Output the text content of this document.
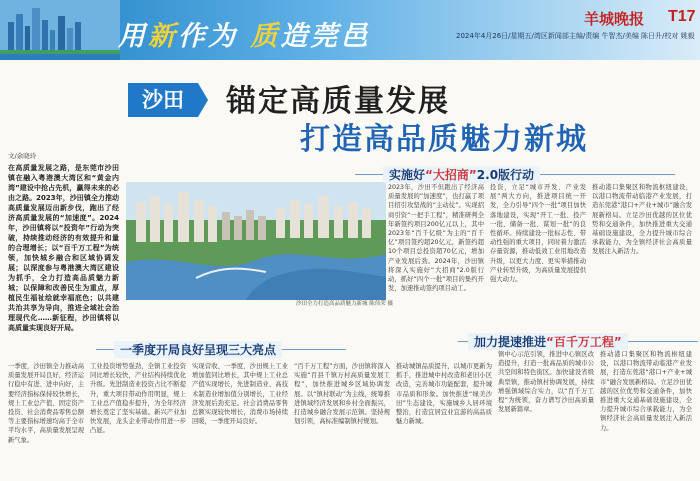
用新作为 质造莞邑
羊城晚报 T17
2024年4月26日/星期五/湾区新闻部主编/责编 牛智杰/美编 陈日升/校对 姚毅
沙田	锚定高质量发展
打造高品质魅力新城
文/余晓玲
在高质量发展之路，是东莞市沙田镇在融入粤港澳大湾区和“黄金内湾”建设中抢占先机，赢得未来的必由之路。2023年，沙田镇全力推动高质量发展迈出新步伐，跑出了经济高质量发展的“加速度”。2024年，沙田镇将以“投资年”行动为突破，持续推动经济的有效提升和量的合理增长；以“百千万工程”为统领，加快城乡融合和区域协调发展；以深度参与粤港澳大湾区建设为抓手，全力打造高品质魅力新城；以保障和改善民生为重点，厚植民生福祉绘就幸福底色；以共建共治共享为导向，推进全域社会治理现代化……新征程，沙田镇将以高质量实现良好开局。
沙田全力打造高品质魅力新城 陈伟荣 摄
实施好“大招商”2.0版行动
2023年，沙田不但跑出了经济高质量发展的“加速度”，也打赢了项目招引攻坚战的“主动仗”。实现招商引资“一把手工程”，精准研判全年新签约项目200亿元以上，其中2023年“百千亿级”为主的“百千亿”项目签约超20亿元，新签约超10个项目总投资超70亿元，增加产业发展后劲。2024年，沙田镇将深入实施好“大招商”2.0版行动，抓好“四个一批”项目的集约开发，加速推动签约项目动工。
投资，立足“城市开发、产业发展”两大方向，推进项目统一开发，全力引导“四个一批”项目加快落地建设，实现“开工一批、投产一批、储备一批、谋划一批”的良性循环。持续建设一批标志性、带动性强的重大项目，同时着力激活存量资源，推动低效工业用地改造升级，以更大力度、更实举措推动产业转型升级，为高质量发展提供强大动力。
推动港口集聚区和物流枢纽建设，以港口物流带动临港产业发展，打造东莞港“港口+产业+城市”融合发展新格局。立足沙田优越的区位优势和交通条件，加快推进重大交通基础设施建设，全力提升城市综合承载能力，为全镇经济社会高质量发展注入新活力。
一季度开局良好呈现三大亮点
加力提速推进“百千万工程”
一季度，沙田镇全力推动高质量发展开局良好，经济运行稳中有进、进中向好，主要经济指标保持较快增长，规上工业总产值、固定资产投资、社会消费品零售总额等主要指标增速均高于全市平均水平，高质量发展呈现新气象。
工业投资增势强劲，全镇工业投资同比增长较快，产业结构持续优化升级。先进制造业投资占比不断提升，重大项目带动作用明显，规上工业总产值稳步提升，为全年经济增长奠定了坚实基础。新兴产业加快发展，龙头企业带动作用进一步凸显。
实现营收、一季度，沙田规上工业增加值同比增长，其中规上工业总产值实现增长，先进制造业、高技术制造业增加值分别增长，工业经济发展后劲充足。社会消费品零售总额实现较快增长，消费市场持续回暖，一季度开局良好。
“百千万工程”方面，沙田镇将深入实施“百县千镇万村高质量发展工程”，加快推进城乡区域协调发展。以“镇村联动”为主线，统筹推进镇域经济发展和乡村全面振兴，打造城乡融合发展示范镇。坚持规划引领，高标准编制镇村规划。
推动城镇品质提升，以城市更新为抓手，推进城中村改造和老旧小区改造，完善城市功能配套，提升城市品质和形象。加快推进“绿美沙田”生态建设，实施城乡人居环境整治，打造宜居宜业宜游的高品质魅力新城。
镇中心示范引领，推进中心镇区改造提升，打造一批高品质的城市公共空间和特色街区。加快建设省级典型镇，推动镇村协调发展，持续增强镇域综合实力，以“百千万工程”为统领，奋力谱写沙田高质量发展新篇章。
推动港口集聚区和物流枢纽建设，以港口物流带动临港产业发展，打造东莞港“港口+产业+城市”融合发展新格局。立足沙田优越的区位优势和交通条件，加快推进重大交通基础设施建设，全力提升城市综合承载能力，为全镇经济社会高质量发展注入新活力。
